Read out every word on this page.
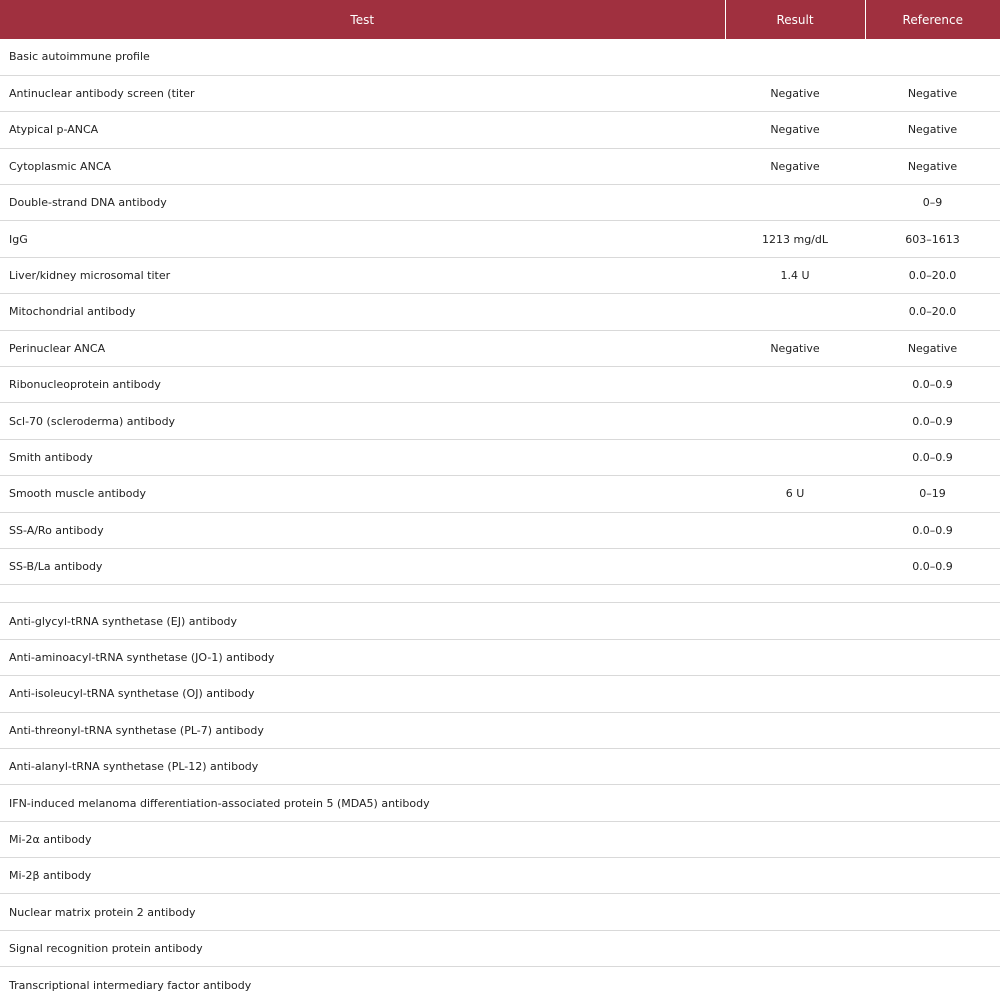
Test	Result	Reference
Basic autoimmune profile		
Antinuclear antibody screen (titer	Negative	Negative
Atypical p-ANCA	Negative	Negative
Cytoplasmic ANCA	Negative	Negative
Double-strand DNA antibody		0–9
IgG	1213 mg/dL	603–1613
Liver/kidney microsomal titer	1.4 U	0.0–20.0
Mitochondrial antibody		0.0–20.0
Perinuclear ANCA	Negative	Negative
Ribonucleoprotein antibody		0.0–0.9
Scl-70 (scleroderma) antibody		0.0–0.9
Smith antibody		0.0–0.9
Smooth muscle antibody	6 U	0–19
SS-A/Ro antibody		0.0–0.9
SS-B/La antibody		0.0–0.9

Anti-glycyl-tRNA synthetase (EJ) antibody		
Anti-aminoacyl-tRNA synthetase (JO-1) antibody		
Anti-isoleucyl-tRNA synthetase (OJ) antibody		
Anti-threonyl-tRNA synthetase (PL-7) antibody		
Anti-alanyl-tRNA synthetase (PL-12) antibody		
IFN-induced melanoma differentiation-associated protein 5 (MDA5) antibody		
Mi-2α antibody		
Mi-2β antibody		
Nuclear matrix protein 2 antibody		
Signal recognition protein antibody		
Transcriptional intermediary factor antibody		
